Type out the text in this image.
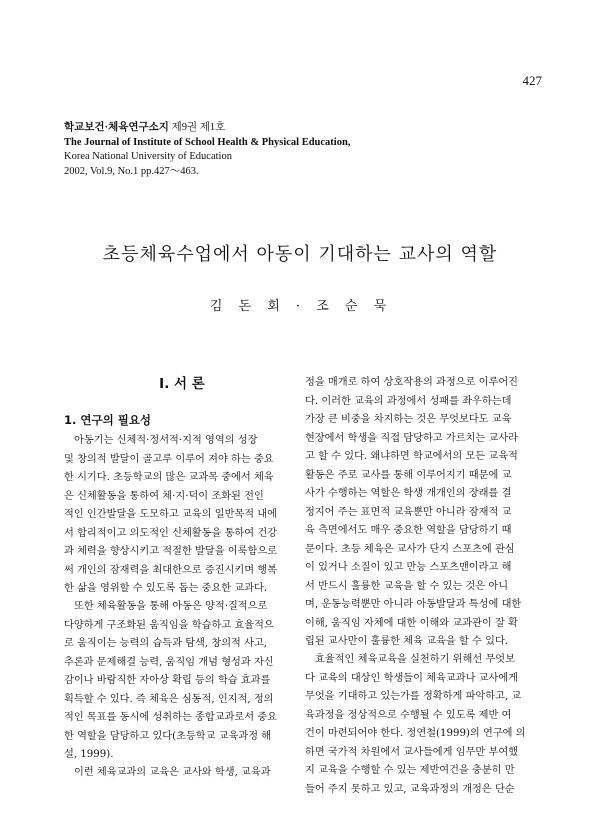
427
학교보건·체육연구소지 제9권 제1호
The Journal of Institute of School Health & Physical Education,
Korea National University of Education
2002, Vol.9, No.1 pp.427～463.
초등체육수업에서 아동이 기대하는 교사의 역할
김 돈 회 · 조 순 묵
Ⅰ. 서 론
1. 연구의 필요성
아동기는 신체적·정서적·지적 영역의 성장
및 창의적 발달이 골고루 이루어 져야 하는 중요
한 시기다. 초등학교의 많은 교과목 중에서 체육
은 신체활동을 통하여 체·지·덕이 조화된 전인
적인 인간발달을 도모하고 교육의 일반목적 내에
서 합리적이고 의도적인 신체활동을 통하여 건강
과 체력을 향상시키고 적절한 발달을 이룩함으로
써 개인의 잠재력을 최대한으로 증진시키며 행복
한 삶을 영위할 수 있도록 돕는 중요한 교과다.
또한 체육활동을 통해 아동은 양적·질적으로
다양하게 구조화된 움직임을 학습하고 효율적으
로 움직이는 능력의 습득과 탐색, 창의적 사고,
추론과 문제해결 능력, 움직임 개념 형성과 자신
감이나 바람직한 자아상 확립 등의 학습 효과를
획득할 수 있다. 즉 체육은 심동적, 인지적, 정의
적인 목표를 동시에 성취하는 종합교과로서 중요
한 역할을 담당하고 있다(초등학교 교육과정 해
설, 1999).
이런 체육교과의 교육은 교사와 학생, 교육과
정을 매개로 하여 상호작용의 과정으로 이루어진
다. 이러한 교육의 과정에서 성패를 좌우하는데
가장 큰 비중을 차지하는 것은 무엇보다도 교육
현장에서 학생을 직접 담당하고 가르치는 교사라
고 할 수 있다. 왜냐하면 학교에서의 모든 교육적
활동은 주로 교사를 통해 이루어지기 때문에 교
사가 수행하는 역할은 학생 개개인의 장래를 결
정지어 주는 표면적 교육뿐만 아니라 잠재적 교
육 측면에서도 매우 중요한 역할을 담당하기 때
문이다. 초등 체육은 교사가 단지 스포츠에 관심
이 있거나 소질이 있고 만능 스포츠맨이라고 해
서 반드시 훌륭한 교육을 할 수 있는 것은 아니
며, 운동능력뿐만 아니라 아동발달과 특성에 대한
이해, 움직임 자체에 대한 이해와 교과관이 잘 확
립된 교사만이 훌륭한 체육 교육을 할 수 있다.
효율적인 체육교육을 실천하기 위해선 무엇보
다 교육의 대상인 학생들이 체육교과나 교사에게
무엇을 기대하고 있는가를 정확하게 파악하고, 교
육과정을 정상적으로 수행될 수 있도록 제반 여
건이 마련되어야 한다. 정연철(1999)의 연구에 의
하면 국가적 차원에서 교사들에게 임무만 부여했
지 교육을 수행할 수 있는 제반여건을 충분히 만
들어 주지 못하고 있고, 교육과정의 개정은 단순
